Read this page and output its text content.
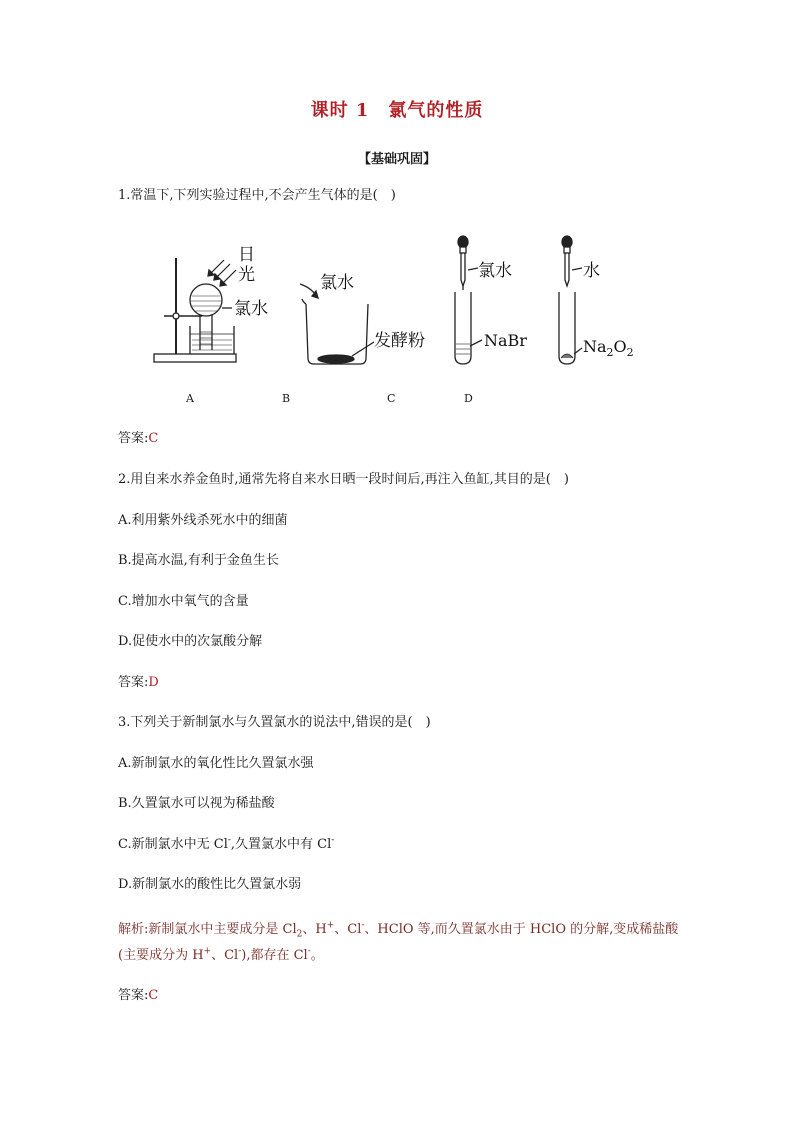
课时 1　氯气的性质
【基础巩固】
1.常温下,下列实验过程中,不会产生气体的是(　)
日
光
氯水
氯水
发酵粉
氯水
NaBr
水
$Na_2O_2$
A	B	C	D
答案:C
2.用自来水养金鱼时,通常先将自来水日晒一段时间后,再注入鱼缸,其目的是(　)
A.利用紫外线杀死水中的细菌
B.提高水温,有利于金鱼生长
C.增加水中氧气的含量
D.促使水中的次氯酸分解
答案:D
3.下列关于新制氯水与久置氯水的说法中,错误的是(　)
A.新制氯水的氧化性比久置氯水强
B.久置氯水可以视为稀盐酸
C.新制氯水中无 Cl-,久置氯水中有 Cl-
D.新制氯水的酸性比久置氯水弱
解析:新制氯水中主要成分是 $Cl_2$、H+、Cl-、HClO 等,而久置氯水由于 HClO 的分解,变成稀盐酸(主要成分为 H+、Cl-),都存在 Cl-。
答案:C
